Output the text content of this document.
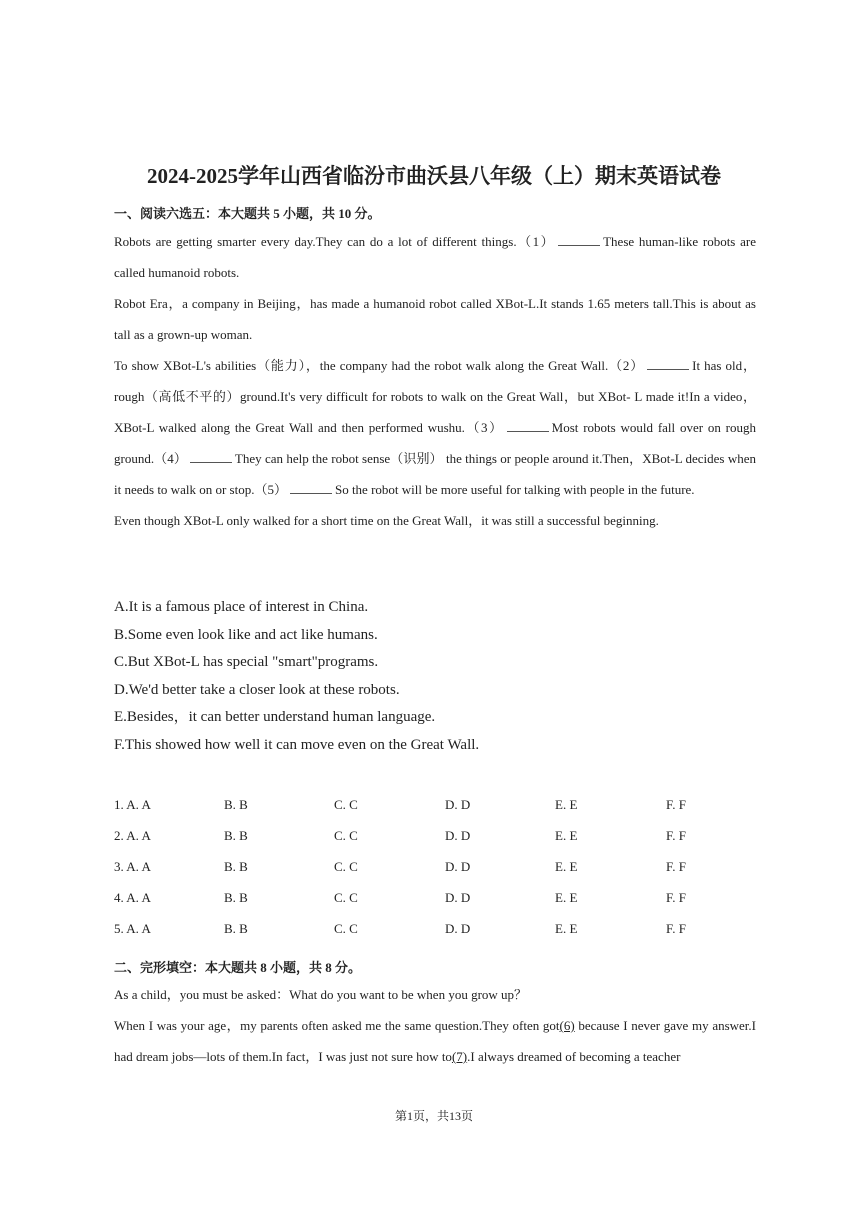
2024-2025学年山西省临汾市曲沃县八年级（上）期末英语试卷
一、阅读六选五：本大题共 5 小题，共 10 分。

Robots are getting smarter every day.They can do a lot of different things.（1）	These human-like robots are called humanoid robots.

Robot Era，a company in Beijing，has made a humanoid robot called XBot-L.It stands 1.65 meters tall.This is about as tall as a grown-up woman.

To show XBot-L's abilities（能力），the company had the robot walk along the Great Wall.（2）	It has old，rough（高低不平的）ground.It's very difficult for robots to walk on the Great Wall，but XBot- L made it!In a video，XBot-L walked along the Great Wall and then performed wushu.（3）	Most robots would fall over on rough ground.（4）	They can help the robot sense（识别） the things or people around it.Then，XBot-L decides when it needs to walk on or stop.（5）	So the robot will be more useful for talking with people in the future.

Even though XBot-L only walked for a short time on the Great Wall，it was still a successful beginning.

A.It is a famous place of interest in China.
B.Some even look like and act like humans.
C.But XBot-L has special "smart"programs.
D.We'd better take a closer look at these robots.
E.Besides，it can better understand human language.
F.This showed how well it can move even on the Great Wall.
1. A. A	B. B	C. C	D. D	E. E	F. F
2. A. A	B. B	C. C	D. D	E. E	F. F
3. A. A	B. B	C. C	D. D	E. E	F. F
4. A. A	B. B	C. C	D. D	E. E	F. F
5. A. A	B. B	C. C	D. D	E. E	F. F
二、完形填空：本大题共 8 小题，共 8 分。

As a child，you must be asked：What do you want to be when you grow up？

When I was your age，my parents often asked me the same question.They often got(6) because I never gave my answer.I had dream jobs—lots of them.In fact，I was just not sure how to(7).I always dreamed of becoming a teacher

第1页，共13页
